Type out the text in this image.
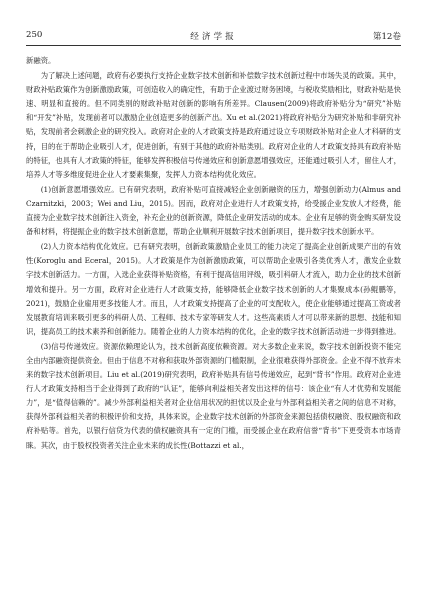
250	经济学报	第12卷

新融资。

为了解决上述问题，政府有必要执行支持企业数字技术创新和补偿数字技术创新过程中市场失灵的政策。其中，财政补贴政策作为创新激励政策，可创造收入的确定性，有助于企业渡过财务困境，与税收奖励相比，财政补贴是快速、明显和直接的。但不同类别的财政补贴对创新的影响有所差异。Clausen(2009)将政府补贴分为“研究”补贴和“开发”补贴，发现前者可以激励企业创造更多的创新产出。Xu et al.(2021)将政府补贴分为研究补贴和非研究补贴，发现前者会刺激企业的研究投入。政府对企业的人才政策支持是政府通过设立专项财政补贴对企业人才科研的支持，目的在于帮助企业吸引人才，促进创新，有别于其他的政府补贴类别。政府对企业的人才政策支持具有政府补贴的特征，也具有人才政策的特征，能够发挥积极信号传递效应和创新意愿增强效应，还能通过吸引人才，留住人才，培养人才等多维度促进企业人才要素集聚，发挥人力资本结构优化效应。

(1)创新意愿增强效应。已有研究表明，政府补贴可直接减轻企业创新融资的压力，增强创新动力(Almus and Czarnitzki，2003；Wei and Liu，2015)。因而，政府对企业进行人才政策支持，给受援企业发放人才经费，能直接为企业数字技术创新注入资金，补充企业的创新资源，降低企业研发活动的成本。企业有足够的资金购买研发设备和材料，将提振企业的数字技术创新意愿，帮助企业顺利开展数字技术创新项目，提升数字技术创新水平。

(2)人力资本结构优化效应。已有研究表明，创新政策激励企业员工的能力决定了提高企业创新成果产出的有效性(Koroglu and Eceral，2015)。人才政策是作为创新激励政策，可以帮助企业吸引各类优秀人才，激发企业数字技术创新活力。一方面，入选企业获得补贴资格，有利于提高信用评级，吸引科研人才流入，助力企业的技术创新增效和提升。另一方面，政府对企业进行人才政策支持，能够降低企业数字技术创新的人才集聚成本(孙鲲鹏等，2021)，鼓励企业雇用更多技能人才。而且，人才政策支持提高了企业的可支配收入，使企业能够通过提高工资或者发展教育培训来吸引更多的科研人员、工程师、技术专家等研发人才。这些高素质人才可以带来新的思想、技能和知识，提高员工的技术素养和创新能力。随着企业的人力资本结构的优化，企业的数字技术创新活动进一步得到推进。

(3)信号传递效应。资源依赖理论认为，技术创新高度依赖资源。对大多数企业来说，数字技术创新投资不能完全由内部融资提供资金。但由于信息不对称和获取外部资源的门槛限制，企业很难获得外部资金。企业不得不放弃未来的数字技术创新项目。Liu et al.(2019)研究表明，政府补贴具有信号传递效应，起到“背书”作用。政府对企业进行人才政策支持相当于企业得到了政府的“认证”，能够向利益相关者发出这样的信号：该企业“有人才优势和发展能力”，是“值得信赖的”。减少外部利益相关者对企业信用状况的担忧以及企业与外部利益相关者之间的信息不对称，获得外部利益相关者的积极评价和支持，具体来说，企业数字技术创新的外部资金来源包括债权融资、股权融资和政府补贴等。首先，以银行信贷为代表的债权融资具有一定的门槛，而受援企业在政府信誉“背书”下更受资本市场青睐。其次，由于股权投资者关注企业未来的成长性(Bottazzi et al.，
